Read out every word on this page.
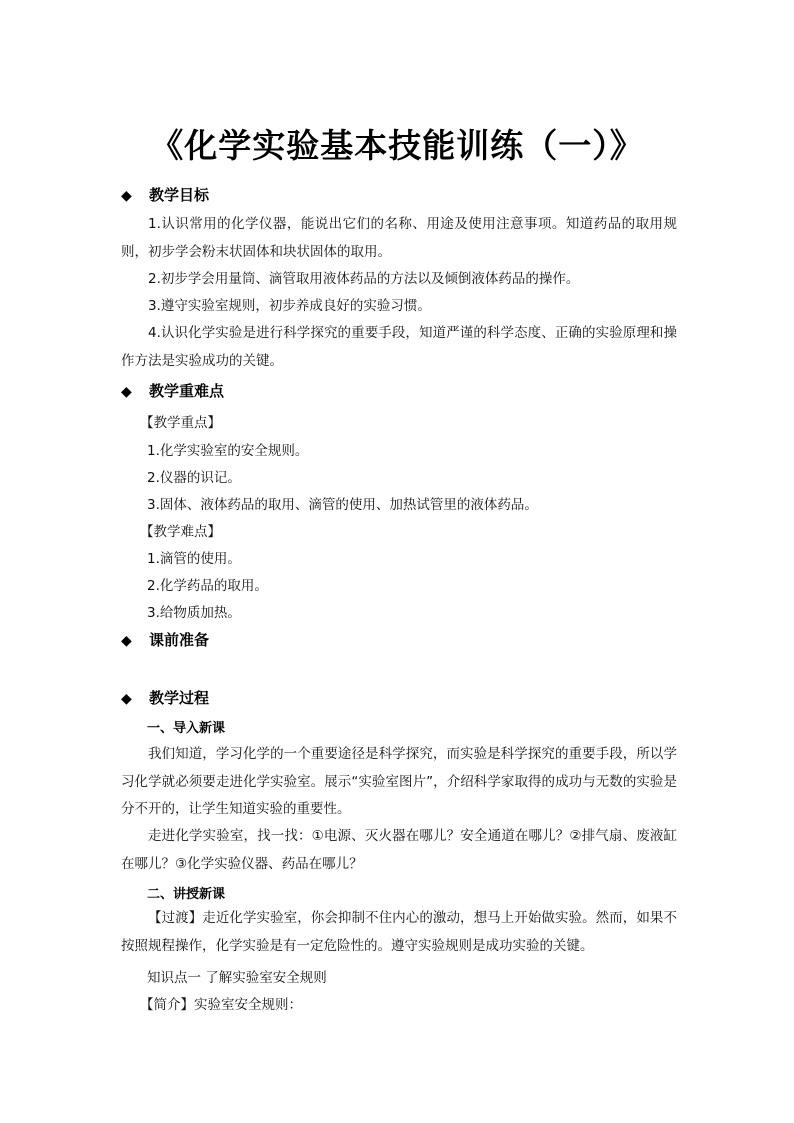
《化学实验基本技能训练（一）》
◆ 教学目标

1.认识常用的化学仪器，能说出它们的名称、用途及使用注意事项。知道药品的取用规则，初步学会粉末状固体和块状固体的取用。

2.初步学会用量筒、滴管取用液体药品的方法以及倾倒液体药品的操作。

3.遵守实验室规则，初步养成良好的实验习惯。

4.认识化学实验是进行科学探究的重要手段，知道严谨的科学态度、正确的实验原理和操作方法是实验成功的关键。

◆ 教学重难点
【教学重点】
1.化学实验室的安全规则。
2.仪器的识记。
3.固体、液体药品的取用、滴管的使用、加热试管里的液体药品。
【教学难点】
1.滴管的使用。
2.化学药品的取用。
3.给物质加热。
◆ 课前准备
◆ 教学过程
一、导入新课

我们知道，学习化学的一个重要途径是科学探究，而实验是科学探究的重要手段，所以学习化学就必须要走进化学实验室。展示“实验室图片”，介绍科学家取得的成功与无数的实验是分不开的，让学生知道实验的重要性。

走进化学实验室，找一找：①电源、灭火器在哪儿？安全通道在哪儿？②排气扇、废液缸在哪儿？③化学实验仪器、药品在哪儿？

二、讲授新课

【过渡】走近化学实验室，你会抑制不住内心的激动，想马上开始做实验。然而，如果不按照规程操作，化学实验是有一定危险性的。遵守实验规则是成功实验的关键。

知识点一 了解实验室安全规则
【简介】实验室安全规则：
